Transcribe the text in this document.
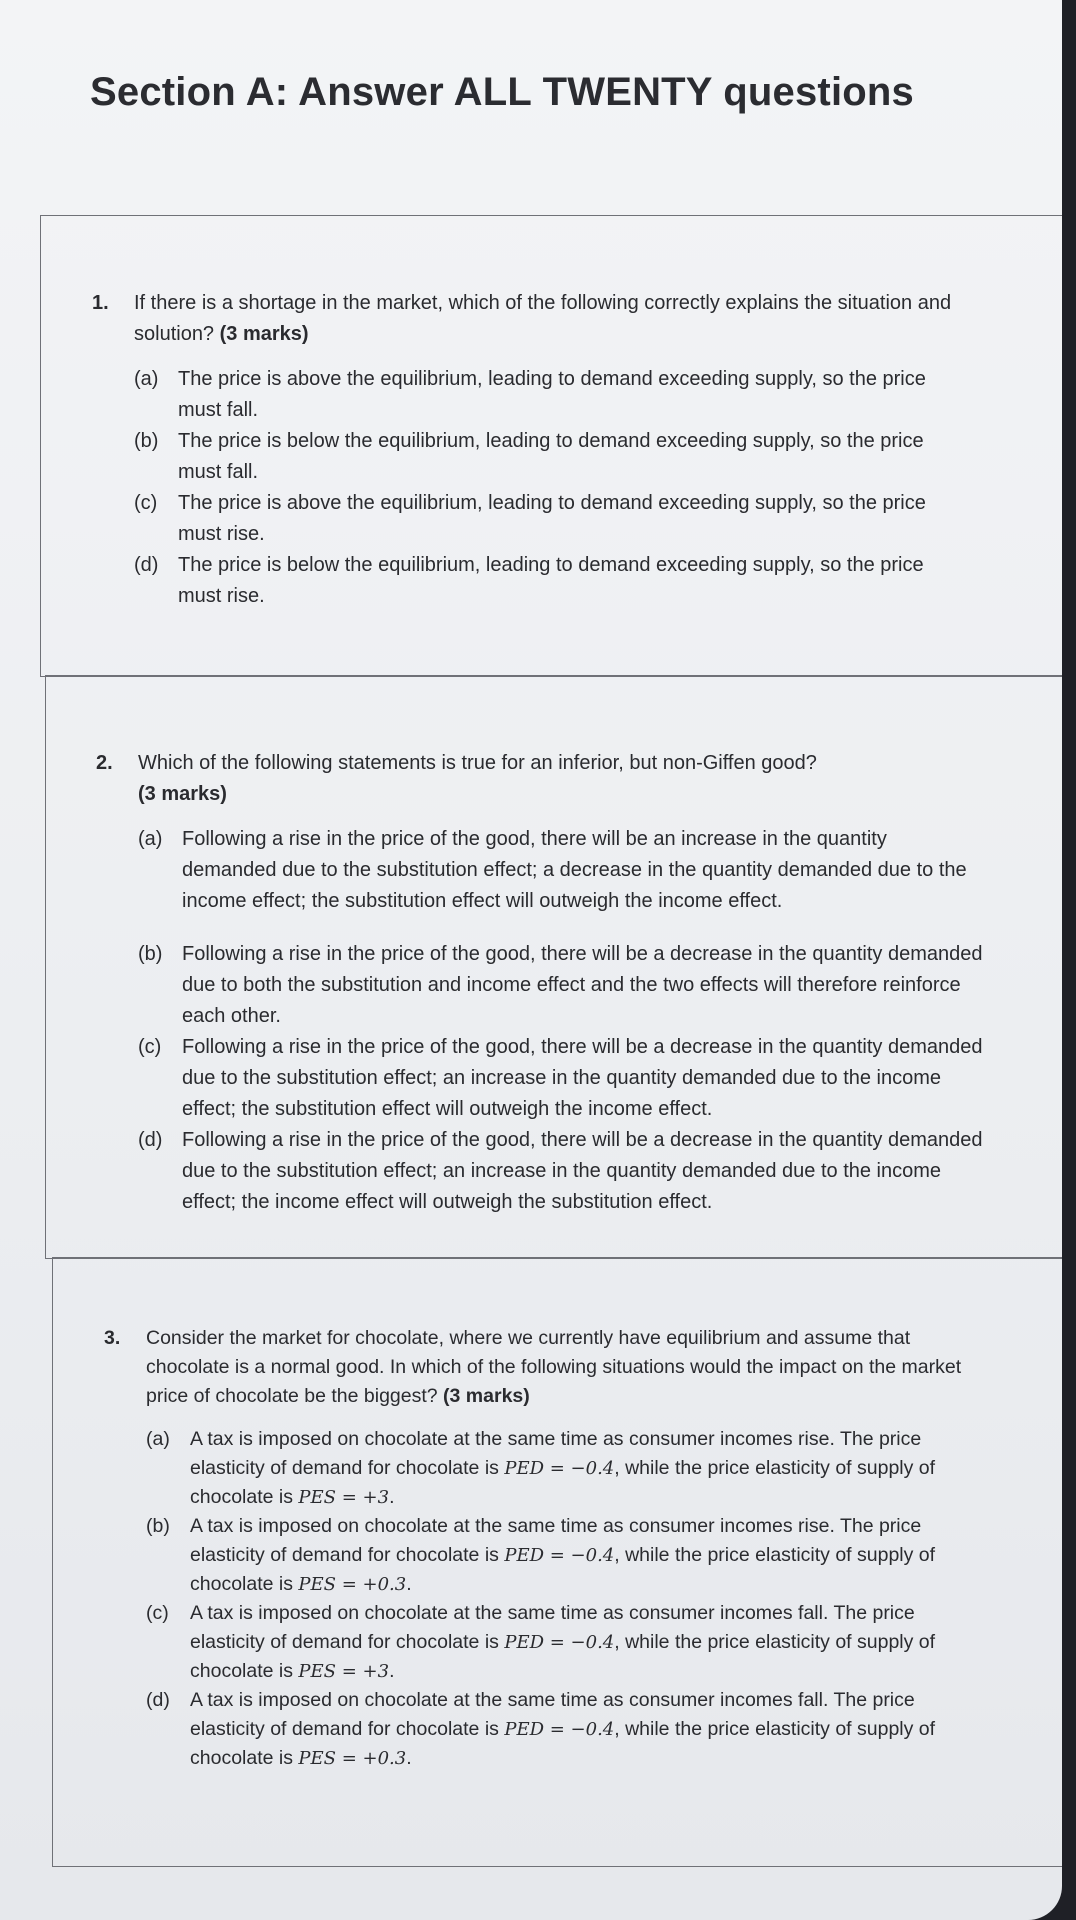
Section A: Answer ALL TWENTY questions
1.	If there is a shortage in the market, which of the following correctly explains the situation and solution? (3 marks)
(a) The price is above the equilibrium, leading to demand exceeding supply, so the price must fall.
(b) The price is below the equilibrium, leading to demand exceeding supply, so the price must fall.
(c)	The price is above the equilibrium, leading to demand exceeding supply, so the price must rise.
(d) The price is below the equilibrium, leading to demand exceeding supply, so the price must rise.
2.	Which of the following statements is true for an inferior, but non-Giffen good?
(3 marks)
(a) Following a rise in the price of the good, there will be an increase in the quantity demanded due to the substitution effect; a decrease in the quantity demanded due to the income effect; the substitution effect will outweigh the income effect.
(b) Following a rise in the price of the good, there will be a decrease in the quantity demanded due to both the substitution and income effect and the two effects will therefore reinforce each other.
(c)	Following a rise in the price of the good, there will be a decrease in the quantity demanded due to the substitution effect; an increase in the quantity demanded due to the income effect; the substitution effect will outweigh the income effect.
(d) Following a rise in the price of the good, there will be a decrease in the quantity demanded due to the substitution effect; an increase in the quantity demanded due to the income effect; the income effect will outweigh the substitution effect.
3.	Consider the market for chocolate, where we currently have equilibrium and assume that chocolate is a normal good. In which of the following situations would the impact on the market price of chocolate be the biggest? (3 marks)
(a)	A tax is imposed on chocolate at the same time as consumer incomes rise. The price elasticity of demand for chocolate is PED = −0.4, while the price elasticity of supply of chocolate is PES = +3.
(b)	A tax is imposed on chocolate at the same time as consumer incomes rise. The price elasticity of demand for chocolate is PED = −0.4, while the price elasticity of supply of chocolate is PES = +0.3.
(c)	A tax is imposed on chocolate at the same time as consumer incomes fall. The price elasticity of demand for chocolate is PED = −0.4, while the price elasticity of supply of chocolate is PES = +3.
(d)	A tax is imposed on chocolate at the same time as consumer incomes fall. The price elasticity of demand for chocolate is PED = −0.4, while the price elasticity of supply of chocolate is PES = +0.3.
